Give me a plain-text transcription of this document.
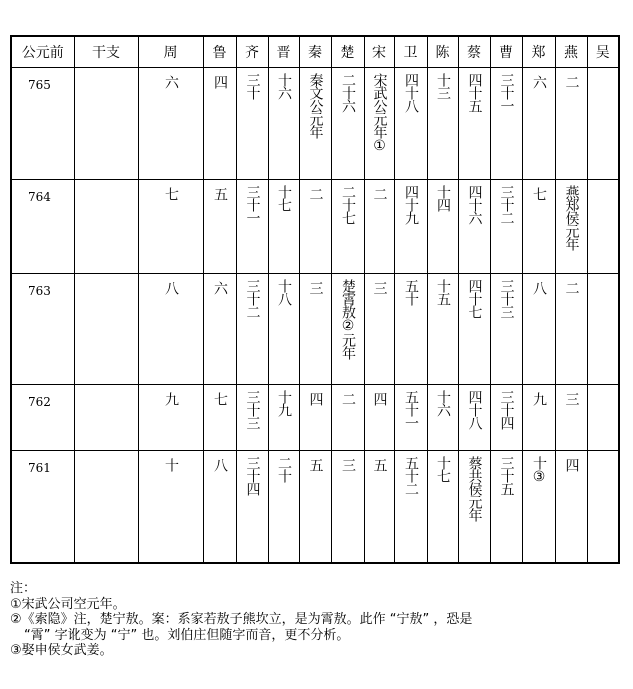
公元前	干支	周	鲁	齐	晋	秦	楚	宋	卫	陈	蔡	曹	郑	燕	吴
765		六	四	三十	十六	秦文公元年	二十六	宋武公元年①	四十八	十三	四十五	三十一	六	二	
764		七	五	三十一	十七	二	二十七	二	四十九	十四	四十六	三十二	七	燕郑侯元年	
763		八	六	三十二	十八	三	楚霄敖②元年	三	五十	十五	四十七	三十三	八	二	
762		九	七	三十三	十九	四	二	四	五十一	十六	四十八	三十四	九	三	
761		十	八	三十四	二十	五	三	五	五十二	十七	蔡共侯元年	三十五	十③	四	
注：
①宋武公司空元年。
②《索隐》注，楚宁敖。案：系家若敖子熊坎立，是为霄敖。此作 “宁敖” ，恐是
“霄” 字讹变为 “宁” 也。刘伯庄但随字而音，更不分析。
③娶申侯女武姜。
